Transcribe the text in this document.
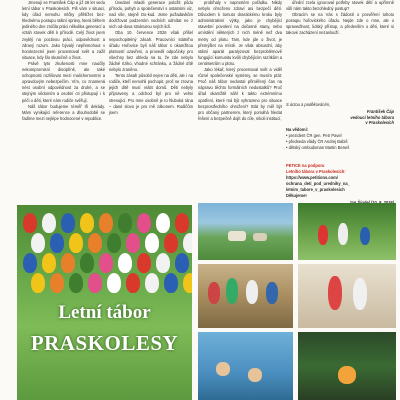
Jmenuji se František Čáp a již 28 let vedu letní tábor v Praskolesích. Piš vám v situaci, kdy úřad nemohu mlčky přihlížet bez-hlednému postupu státní správy, která během jediného dne zničila práci několika generací a vztah stovek dětí k přírodě. Celý život jsem zvyklý na poctivou práci, odpovědnost a zdravý rozum. Jako bývalý nepřemohout v horolezectví jsem procestoval svět a zažil situace, kdy šlo skutečně o život.

Právě tyto zkušenosti mne naučily nekompromisní disciplíně, ale také schopnosti rozlišovat mezi malichernostmi a opravdovým nebezpečím. Vím, co znamená nést osobní odpovědnost za druhé, a se stejným vědomím a osobní cti přistupují i k péči o děti, které nám rodiče svěřují.

Náš tábor budujeme téměř tři dekády. Mám vynikající reference a dlouhodobě se řadíme mezi nejlépe hodnocené v republice.

Úvedaní mladé generace položit půdu přírodu, pohyb a společenství s ostatními viz, nad vše, stejně Do-kud. Jsme požadavkům dodržovat podzemím vodních odmítat ne z nich od-dova strukturou svých lidí.

Oba 10. července 2026 však přišel nepochopitelný zásah. Pracovníci státního úřadu Hořovice byli náš tábor s okamžitou platností uzavřeni, a provedli odpočinky pro všechny bez ohledu na to, že zde nebylo žádné riziko, vhodné schránku, a žádné dítě nebylo zraněno.

Tento zásah působil nejen na děti, ale i na rodiče, kteří nemohli pochopit, proč se zrovna jejich dítě musí vrátit domů. Děti nebyly připraveny a odchod byl pro ně velmi stresující. Pro mne osobně je to hluboká rána – dané slovo je pro mě zákonem. Rodičům jsem

probíhaly v naprostém pořádku. Nikdy nebylo ohroženo zdraví ani bezpečí dětí. Důvodem k tomuto drastickému kroku byly administrativní výtky, jako je chybějící stavební povolení na dočasné stany, nebo umístění některých z nich méně než dva metry od plotu. Tam, kde jde o život, je přemýšlet na místě. Je však absurdní, aby státní aparát paralyzoval bezproblémově fungující komunitu kvůli chybějícím razítkům a centimetrům u plotu.

Jako lékař, který procestoval svět a viděl různé společenské systémy, se musím ptát: Proč náš tábor nedostal přiměřený čas na nápravu těchto formálních nedostatků? Proč úřad okamžitě sáhl k takto extrémnímu opatření, které má být vyhrazeno pro situace bezprostředního ohrožení? Stát by měl být pro občany partnerem, který pomáhá hledat řešení a bezpečně dojít do cíle, nikoli institucí,

úřední zcela ignoroval potřeby stovek dětí a upřímně vůlí nám takto bezohledný postup?

Obracím se na Vás s žádostí o prověření tohoto postupu hořovického úřadu. Nejde zde o mne, ale o spravedlnost, lidský přístup, a především o děti, které si takové zacházení nezaslouží.

S úctou a poděkováním,
František Čáp
vedoucí letního tábora
v Praskolesích
Na vědomí:
• prezident ČR gen. Petr Pavel
• předseda vlády ČR Andrej Babiš
• dětský ombudsman Martin Beneš
PETICE na podporu
Letního tábora v Praskolesích:
https://www.petitions.com/
ochrana_deti_pod_uredniky_na_
letnim_tabore_v_praskolesich
Děkujeme!
Letní tábor
PRASKOLESY
